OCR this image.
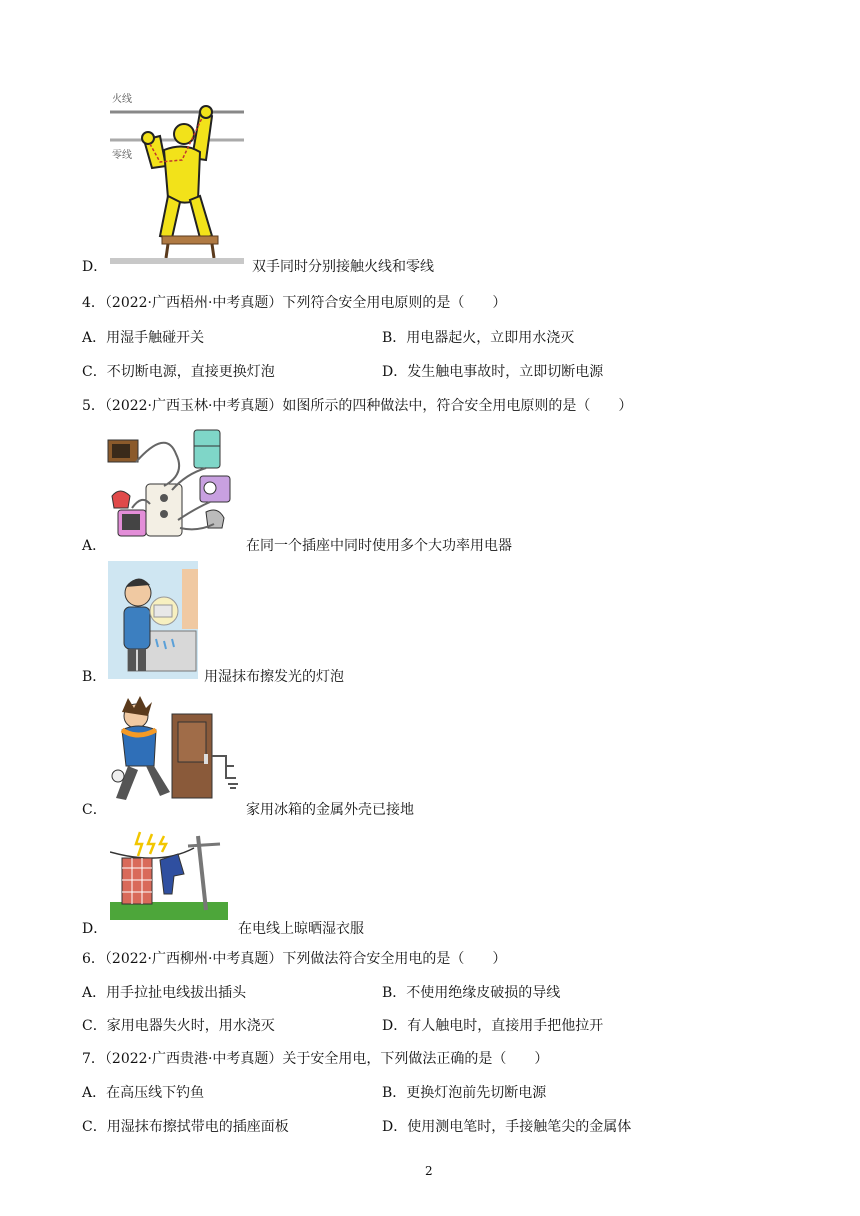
火线
零线
D．	双手同时分别接触火线和零线
4．（2022·广西梧州·中考真题）下列符合安全用电原则的是（　　）
A．用湿手触碰开关	B．用电器起火，立即用水浇灭
C．不切断电源，直接更换灯泡	D．发生触电事故时，立即切断电源
5．（2022·广西玉林·中考真题）如图所示的四种做法中，符合安全用电原则的是（　　）
A．	在同一个插座中同时使用多个大功率用电器
B．	用湿抹布擦发光的灯泡
C．	家用冰箱的金属外壳已接地
D．	在电线上晾晒湿衣服
6．（2022·广西柳州·中考真题）下列做法符合安全用电的是（　　）
A．用手拉扯电线拔出插头	B．不使用绝缘皮破损的导线
C．家用电器失火时，用水浇灭	D．有人触电时，直接用手把他拉开
7．（2022·广西贵港·中考真题）关于安全用电，下列做法正确的是（　　）
A．在高压线下钓鱼	B．更换灯泡前先切断电源
C．用湿抹布擦拭带电的插座面板	D．使用测电笔时，手接触笔尖的金属体
2
